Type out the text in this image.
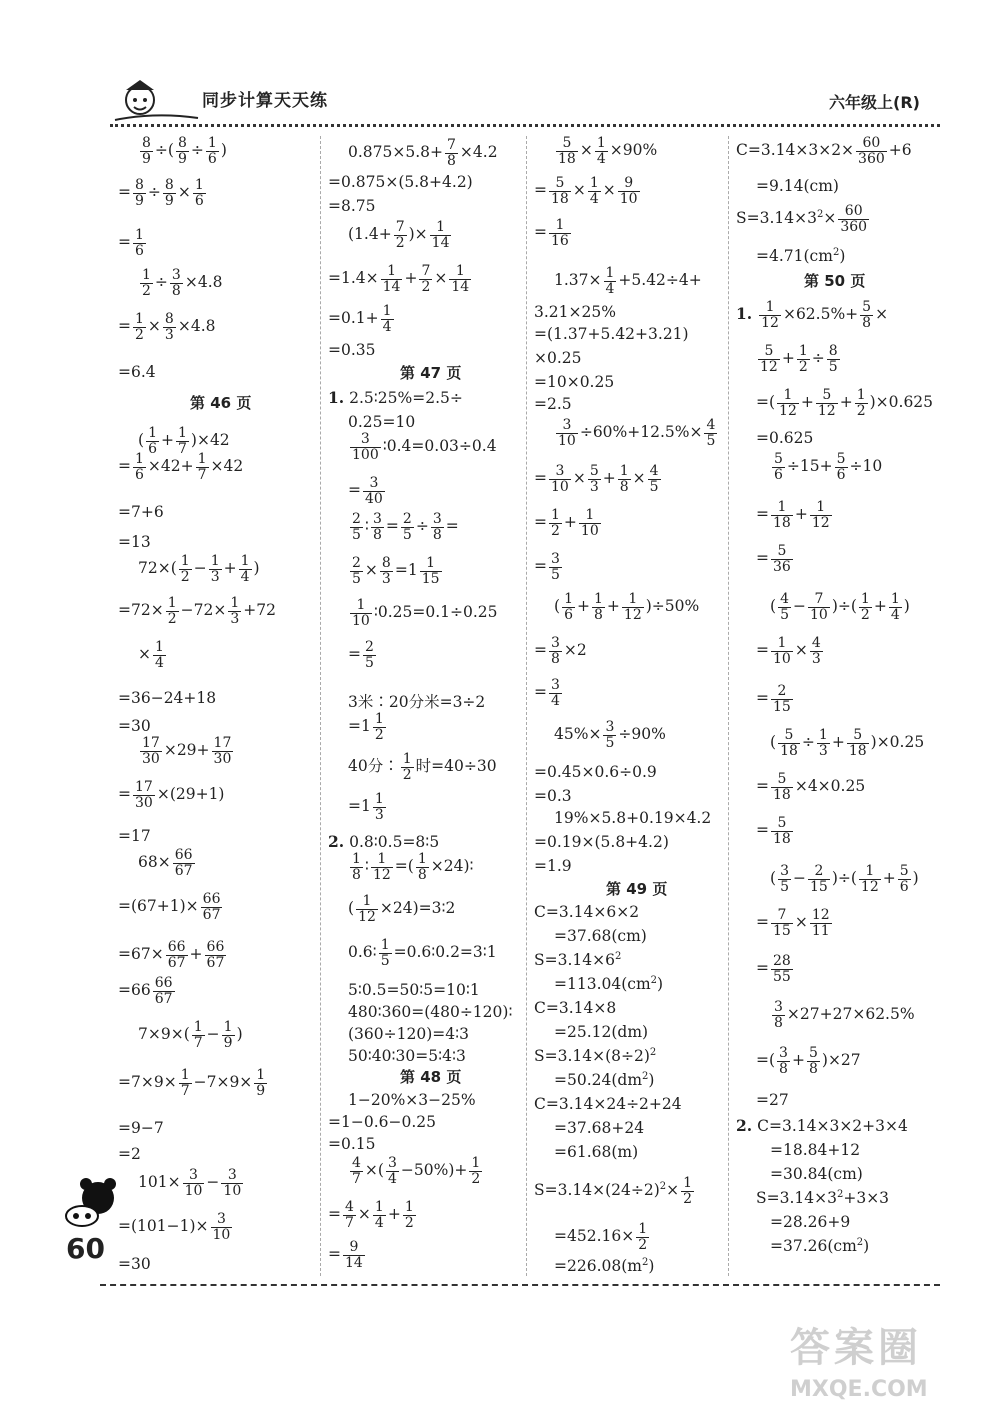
同步计算天天练	六年级上(R)
$\frac{8}{9}$ ÷( $\frac{8}{9} \div \frac{1}{6}$ )
= $\frac{8}{9} \div \frac{8}{9} \times \frac{1}{6}$
= $\frac{1}{6}$
$\frac{1}{2} \div \frac{3}{8} \times 4.8$
= $\frac{1}{2} \times \frac{8}{3} \times 4.8$
=6.4
第 46 页
( $\frac{1}{6} + \frac{1}{7} )\times 42$
= $\frac{1}{6} \times 42+ \frac{1}{7} \times 42$
=7+6
=13
$72\times( \frac{1}{2} - \frac{1}{3} + \frac{1}{4}$ )
$=72\times \frac{1}{2} -72\times \frac{1}{3} +72$
× $\frac{1}{4}$
=36−24+18
=30
$\frac{17}{30} \times 29+ \frac{17}{30}$
= $\frac{17}{30} \times(29+1)$
=17
$68\times \frac{66}{67}$
$=(67+1)\times \frac{66}{67}$
$=67\times \frac{66}{67} + \frac{66}{67}$
$=66 \frac{66}{67}$
$7\times 9\times( \frac{1}{7} - \frac{1}{9}$ )
$=7\times 9\times \frac{1}{7} -7\times 9\times \frac{1}{9}$
=9−7
=2
$101\times \frac{3}{10} - \frac{3}{10}$
$=(101-1)\times \frac{3}{10}$
=30
$0.875\times 5.8+ \frac{7}{8} \times 4.2$
=0.875×(5.8+4.2)
=8.75
($1.4+ \frac{7}{2}$ )× $\frac{1}{14}$
$=1.4\times \frac{1}{14} + \frac{7}{2} \times \frac{1}{14}$
$=0.1+ \frac{1}{4}$
=0.35
第 47 页
1. 2.5∶25%=2.5÷
0.25=10
$\frac{3}{100}$ ∶0.4=0.03÷0.4
= $\frac{3}{40}$
$\frac{2}{5}$ ∶ $\frac{3}{8} = \frac{2}{5} \div \frac{3}{8}$ =
$\frac{2}{5} \times \frac{8}{3} =1 \frac{1}{15}$
$\frac{1}{10}$ ∶0.25=0.1÷0.25
= $\frac{2}{5}$
3米∶20分米=3÷2
$=1 \frac{1}{2}$
40分∶ $\frac{1}{2}$ 时=40÷30
$=1 \frac{1}{3}$
2. 0.8∶0.5=8∶5
$\frac{1}{8}$ ∶ $\frac{1}{12}$ =( $\frac{1}{8}$ ×24)∶
( $\frac{1}{12}$ ×24)=3∶2
0.6∶ $\frac{1}{5}$ =0.6∶0.2=3∶1
5∶0.5=50∶5=10∶1
480∶360=(480÷120)∶
(360÷120)=4∶3
50∶40∶30=5∶4∶3
第 48 页
1−20%×3−25%
=1−0.6−0.25
=0.15
$\frac{4}{7}$ ×( $\frac{3}{4} -50\%)+ \frac{1}{2}$
= $\frac{4}{7} \times \frac{1}{4} + \frac{1}{2}$
= $\frac{9}{14}$
$\frac{5}{18} \times \frac{1}{4} \times 90\%$
= $\frac{5}{18} \times \frac{1}{4} \times \frac{9}{10}$
= $\frac{1}{16}$
$1.37\times \frac{1}{4} +5.42\div 4+$
3.21×25%
=(1.37+5.42+3.21)
×0.25
=10×0.25
=2.5
$\frac{3}{10} \div 60\%+12.5\%\times \frac{4}{5}$
= $\frac{3}{10} \times \frac{5}{3} + \frac{1}{8} \times \frac{4}{5}$
= $\frac{1}{2} + \frac{1}{10}$
= $\frac{3}{5}$
( $\frac{1}{6} + \frac{1}{8} + \frac{1}{12} )\div 50\%$
= $\frac{3}{8} \times 2$
= $\frac{3}{4}$
$45\%\times \frac{3}{5} \div 90\%$
=0.45×0.6÷0.9
=0.3
19%×5.8+0.19×4.2
=0.19×(5.8+4.2)
=1.9
第 49 页
C=3.14×6×2
=37.68(cm)
$S=3.14\times 6^2$
$=113.04(cm^2)$
C=3.14×8
=25.12(dm)
$S=3.14\times(8\div 2)^2$
$=50.24(dm^2)$
C=3.14×24÷2+24
=37.68+24
=61.68(m)
$S=3.14\times(24\div 2)^2\times \frac{1}{2}$
$=452.16\times \frac{1}{2}$
$=226.08(m^2)$
$C=3.14\times 3\times 2\times \frac{60}{360} +6$
=9.14(cm)
$S=3.14\times 3^2\times \frac{60}{360}$
$=4.71(cm^2)$
第 50 页
1. $\frac{1}{12} \times 62.5\%+ \frac{5}{8}$ ×
$\frac{5}{12} + \frac{1}{2} \div \frac{8}{5}$
=( $\frac{1}{12} + \frac{5}{12} + \frac{1}{2} )\times 0.625$
=0.625
$\frac{5}{6} \div 15+ \frac{5}{6} \div 10$
= $\frac{1}{18} + \frac{1}{12}$
= $\frac{5}{36}$
( $\frac{4}{5} - \frac{7}{10}$ )÷( $\frac{1}{2} + \frac{1}{4}$ )
= $\frac{1}{10} \times \frac{4}{3}$
= $\frac{2}{15}$
( $\frac{5}{18} \div \frac{1}{3} + \frac{5}{18} )\times 0.25$
= $\frac{5}{18} \times 4\times 0.25$
= $\frac{5}{18}$
( $\frac{3}{5} - \frac{2}{15}$ )÷( $\frac{1}{12} + \frac{5}{6}$ )
= $\frac{7}{15} \times \frac{12}{11}$
= $\frac{28}{55}$
$\frac{3}{8} \times 27+27\times 62.5\%$
=( $\frac{3}{8} + \frac{5}{8} )\times 27$
=27
2. C=3.14×3×2+3×4
=18.84+12
=30.84(cm)
$S=3.14\times 3^2+3\times 3$
=28.26+9
$=37.26(cm^2)$
60
答案圈
MXQE.COM
